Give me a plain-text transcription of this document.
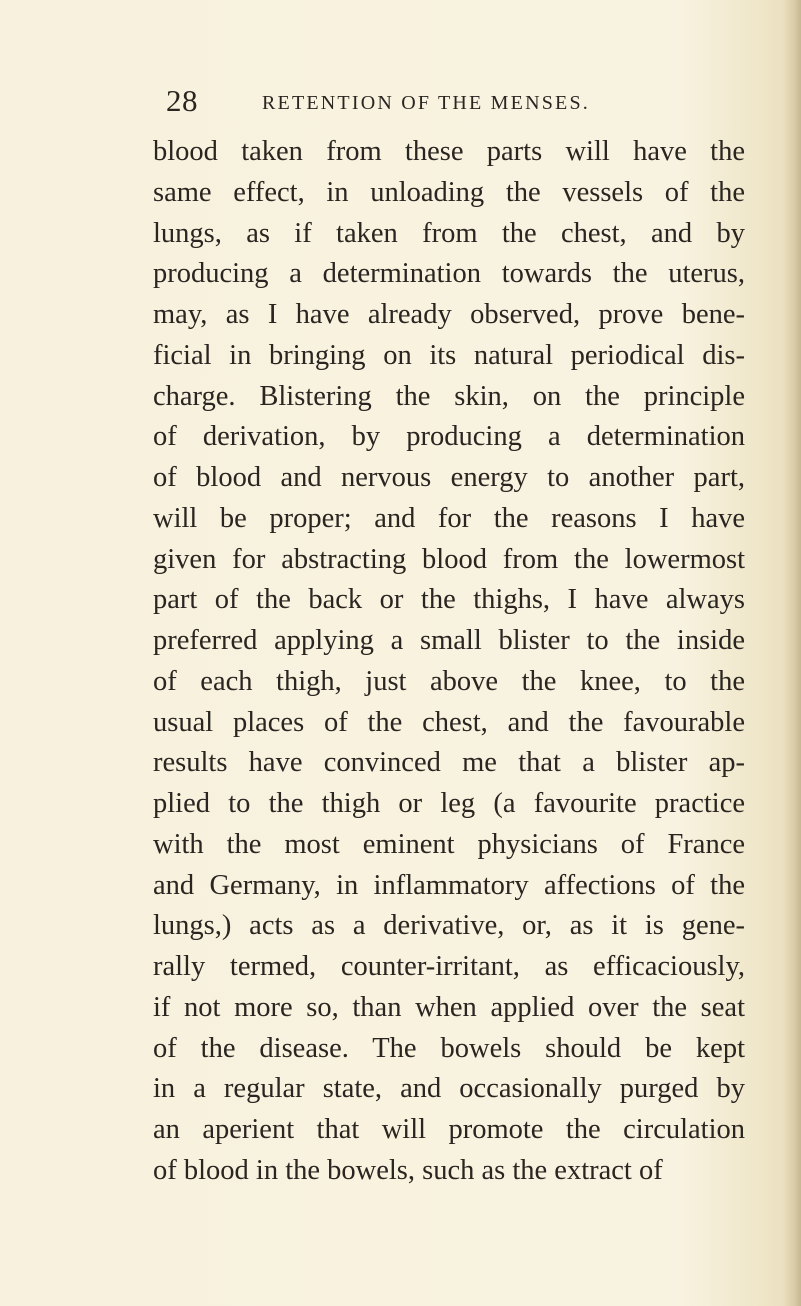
28	RETENTION OF THE MENSES.
blood taken from these parts will have the
same effect, in unloading the vessels of the
lungs, as if taken from the chest, and by
producing a determination towards the uterus,
may, as I have already observed, prove bene-
ficial in bringing on its natural periodical dis-
charge. Blistering the skin, on the principle
of derivation, by producing a determination
of blood and nervous energy to another part,
will be proper; and for the reasons I have
given for abstracting blood from the lowermost
part of the back or the thighs, I have always
preferred applying a small blister to the inside
of each thigh, just above the knee, to the
usual places of the chest, and the favourable
results have convinced me that a blister ap-
plied to the thigh or leg (a favourite practice
with the most eminent physicians of France
and Germany, in inflammatory affections of the
lungs,) acts as a derivative, or, as it is gene-
rally termed, counter-irritant, as efficaciously,
if not more so, than when applied over the seat
of the disease. The bowels should be kept
in a regular state, and occasionally purged by
an aperient that will promote the circulation
of blood in the bowels, such as the extract of
